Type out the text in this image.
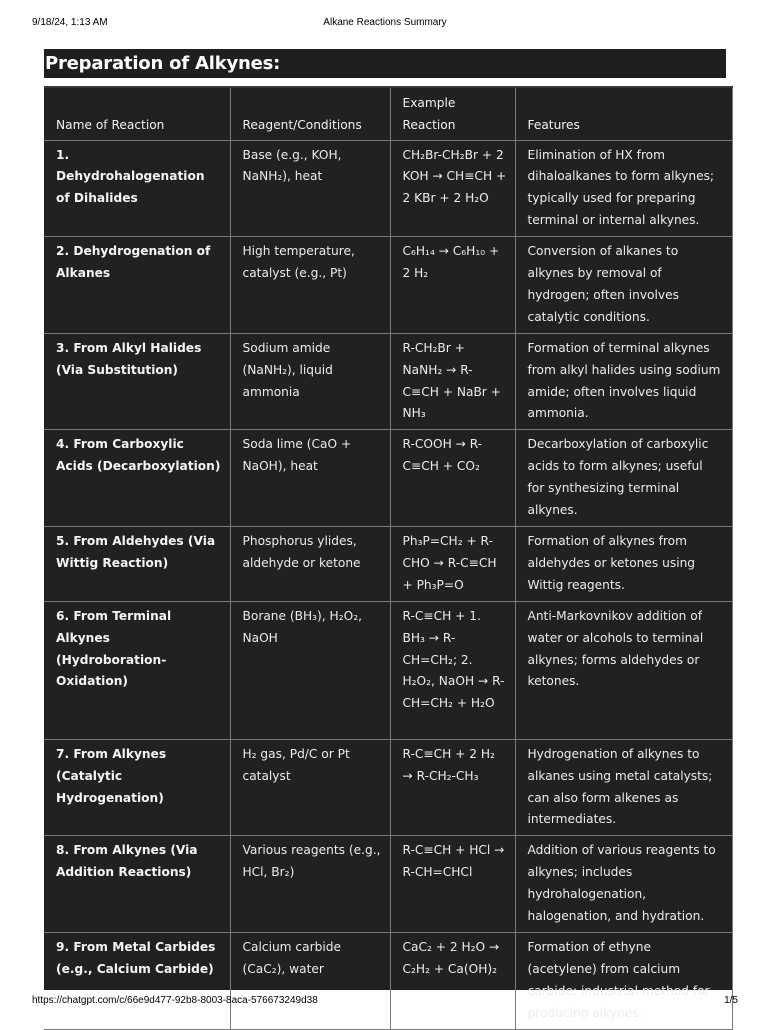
9/18/24, 1:13 AM	Alkane Reactions Summary
Preparation of Alkynes:
Name of Reaction	Reagent/Conditions	Example Reaction	Features
1. Dehydrohalogenation of Dihalides	Base (e.g., KOH, NaNH₂), heat	CH₂Br-CH₂Br + 2 KOH → CH≡CH + 2 KBr + 2 H₂O	Elimination of HX from dihaloalkanes to form alkynes; typically used for preparing terminal or internal alkynes.
2. Dehydrogenation of Alkanes	High temperature, catalyst (e.g., Pt)	C₆H₁₄ → C₆H₁₀ + 2 H₂	Conversion of alkanes to alkynes by removal of hydrogen; often involves catalytic conditions.
3. From Alkyl Halides (Via Substitution)	Sodium amide (NaNH₂), liquid ammonia	R-CH₂Br + NaNH₂ → R-C≡CH + NaBr + NH₃	Formation of terminal alkynes from alkyl halides using sodium amide; often involves liquid ammonia.
4. From Carboxylic Acids (Decarboxylation)	Soda lime (CaO + NaOH), heat	R-COOH → R-C≡CH + CO₂	Decarboxylation of carboxylic acids to form alkynes; useful for synthesizing terminal alkynes.
5. From Aldehydes (Via Wittig Reaction)	Phosphorus ylides, aldehyde or ketone	Ph₃P=CH₂ + R-CHO → R-C≡CH + Ph₃P=O	Formation of alkynes from aldehydes or ketones using Wittig reagents.
6. From Terminal Alkynes (Hydroboration-Oxidation)	Borane (BH₃), H₂O₂, NaOH	R-C≡CH + 1. BH₃ → R-CH=CH₂; 2. H₂O₂, NaOH → R-CH=CH₂ + H₂O	Anti-Markovnikov addition of water or alcohols to terminal alkynes; forms aldehydes or ketones.
7. From Alkynes (Catalytic Hydrogenation)	H₂ gas, Pd/C or Pt catalyst	R-C≡CH + 2 H₂ → R-CH₂-CH₃	Hydrogenation of alkynes to alkanes using metal catalysts; can also form alkenes as intermediates.
8. From Alkynes (Via Addition Reactions)	Various reagents (e.g., HCl, Br₂)	R-C≡CH + HCl → R-CH=CHCl	Addition of various reagents to alkynes; includes hydrohalogenation, halogenation, and hydration.
9. From Metal Carbides (e.g., Calcium Carbide)	Calcium carbide (CaC₂), water	CaC₂ + 2 H₂O → C₂H₂ + Ca(OH)₂	Formation of ethyne (acetylene) from calcium carbide; industrial method for producing alkynes.
https://chatgpt.com/c/66e9d477-92b8-8003-8aca-576673249d38	1/5
